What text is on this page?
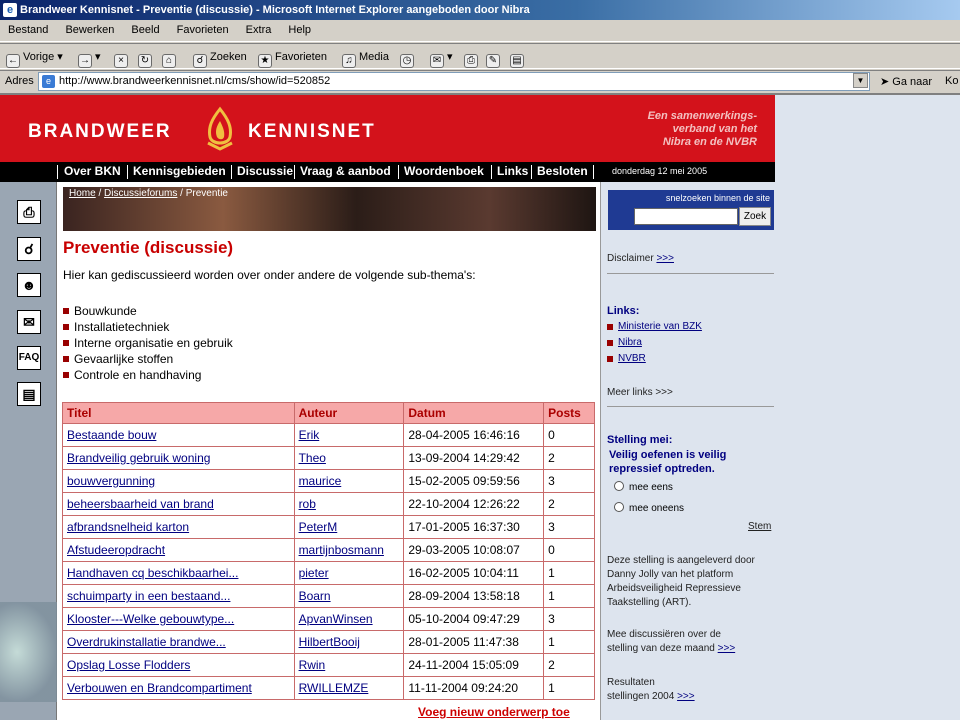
e Brandweer Kennisnet - Preventie (discussie) - Microsoft Internet Explorer aangeboden door Nibra
Bestand Bewerken Beeld Favorieten Extra Help
← Vorige ▾ → ▾	×	↻	⌂	☌ Zoeken ★ Favorieten	♫ Media ◷	✉ ▾	⎙	✎	▤
Adres	e http://www.brandweerkennisnet.nl/cms/show/id=520852	▼	➤ Ga naar Ko
BRANDWEER	KENNISNET
Een samenwerkings-
verband van het
Nibra en de NVBR
Over BKN Kennisgebieden Discussie Vraag & aanbod Woordenboek Links Besloten	donderdag 12 mei 2005
⎙
☌
☻
✉
FAQ
▤
Home / Discussieforums / Preventie
Preventie (discussie)
Hier kan gediscussieerd worden over onder andere de volgende sub-thema's:
Bouwkunde
Installatietechniek
Interne organisatie en gebruik
Gevaarlijke stoffen
Controle en handhaving
Titel	Auteur	Datum	Posts
Bestaande bouw	Erik	28-04-2005 16:46:16	0
Brandveilig gebruik woning	Theo	13-09-2004 14:29:42	2
bouwvergunning	maurice	15-02-2005 09:59:56	3
beheersbaarheid van brand	rob	22-10-2004 12:26:22	2
afbrandsnelheid karton	PeterM	17-01-2005 16:37:30	3
Afstudeeropdracht	martijnbosmann	29-03-2005 10:08:07	0
Handhaven cq beschikbaarhei...	pieter	16-02-2005 10:04:11	1
schuimparty in een bestaand...	Boarn	28-09-2004 13:58:18	1
Klooster---Welke gebouwtype...	ApvanWinsen	05-10-2004 09:47:29	3
Overdrukinstallatie brandwe...	HilbertBooij	28-01-2005 11:47:38	1
Opslag Losse Flodders	Rwin	24-11-2004 15:05:09	2
Verbouwen en Brandcompartiment	RWILLEMZE	11-11-2004 09:24:20	1
Voeg nieuw onderwerp toe
snelzoeken binnen de site
Zoek
Disclaimer >>>
Links:
Ministerie van BZK
Nibra
NVBR
Meer links >>>
Stelling mei:
Veilig oefenen is veilig
repressief optreden.
mee eens
mee oneens
Stem
Deze stelling is aangeleverd door
Danny Jolly van het platform
Arbeidsveiligheid Repressieve
Taakstelling (ART).
Mee discussiëren over de
stelling van deze maand >>>
Resultaten
stellingen 2004 >>>
